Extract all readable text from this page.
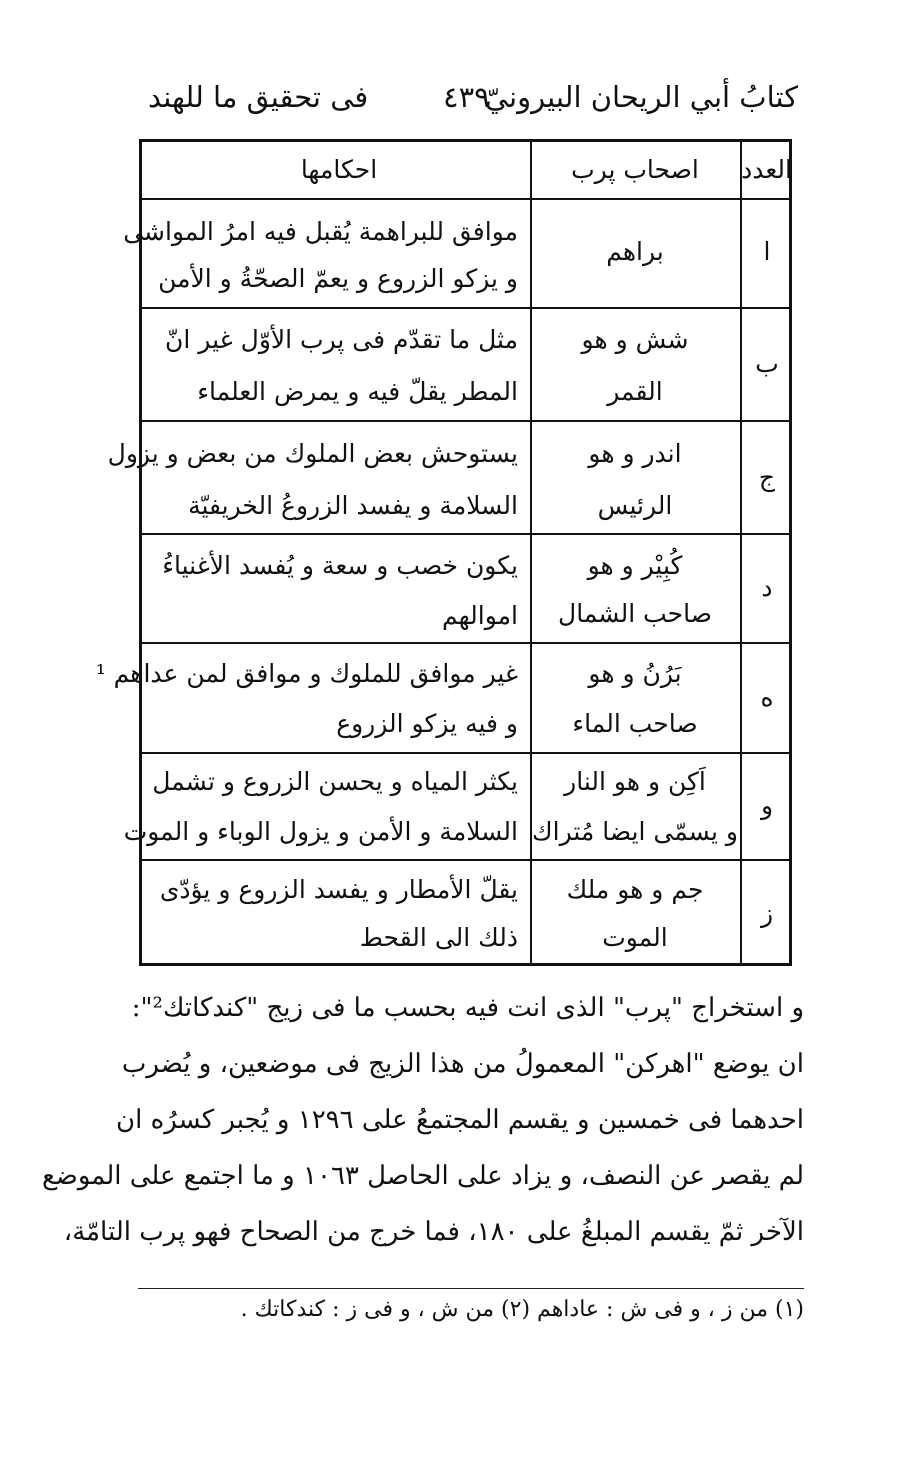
كتابُ أبي الريحان البيرونيّ
٤٣٩
فى تحقيق ما للهند
العدد
اصحاب پرب
احكامها
ا
براهم
موافق للبراهمة يُقبل فيه امرُ المواشى
و يزكو الزروع و يعمّ الصحّةُ و الأمن
ب
شش و هو
القمر
مثل ما تقدّم فى پرب الأوّل غير انّ
المطر يقلّ فيه و يمرض العلماء
ج
اندر و هو
الرئيس
يستوحش بعض الملوك من بعض و يزول
السلامة و يفسد الزروعُ الخريفيّة
د
كُبِيْر و هو
صاحب الشمال
يكون خصب و سعة و يُفسد الأغنياءُ
اموالهم
ه
بَرُنُ و هو
صاحب الماء
غير موافق للملوك و موافق لمن عداهم ¹
و فيه يزكو الزروع
و
اَكِن و هو النار
و يسمّى ايضا مُتراك
يكثر المياه و يحسن الزروع و تشمل
السلامة و الأمن و يزول الوباء و الموت
ز
جم و هو ملك
الموت
يقلّ الأمطار و يفسد الزروع و يؤدّى
ذلك الى القحط
و استخراج "پرب" الذى انت فيه بحسب ما فى زيج "كندكاتك²":
ان يوضع "اهركن" المعمولُ من هذا الزيج فى موضعين، و يُضرب
احدهما فى خمسين و يقسم المجتمعُ على ١٢٩٦ و يُجبر كسرُه ان
لم يقصر عن النصف، و يزاد على الحاصل ١٠٦٣ و ما اجتمع على الموضع
الآخر ثمّ يقسم المبلغُ على ١٨٠، فما خرج من الصحاح فهو پرب التامّة،
(١) من ز ، و فى ش : عاداهم (٢) من ش ، و فى ز : كندكاتك .
